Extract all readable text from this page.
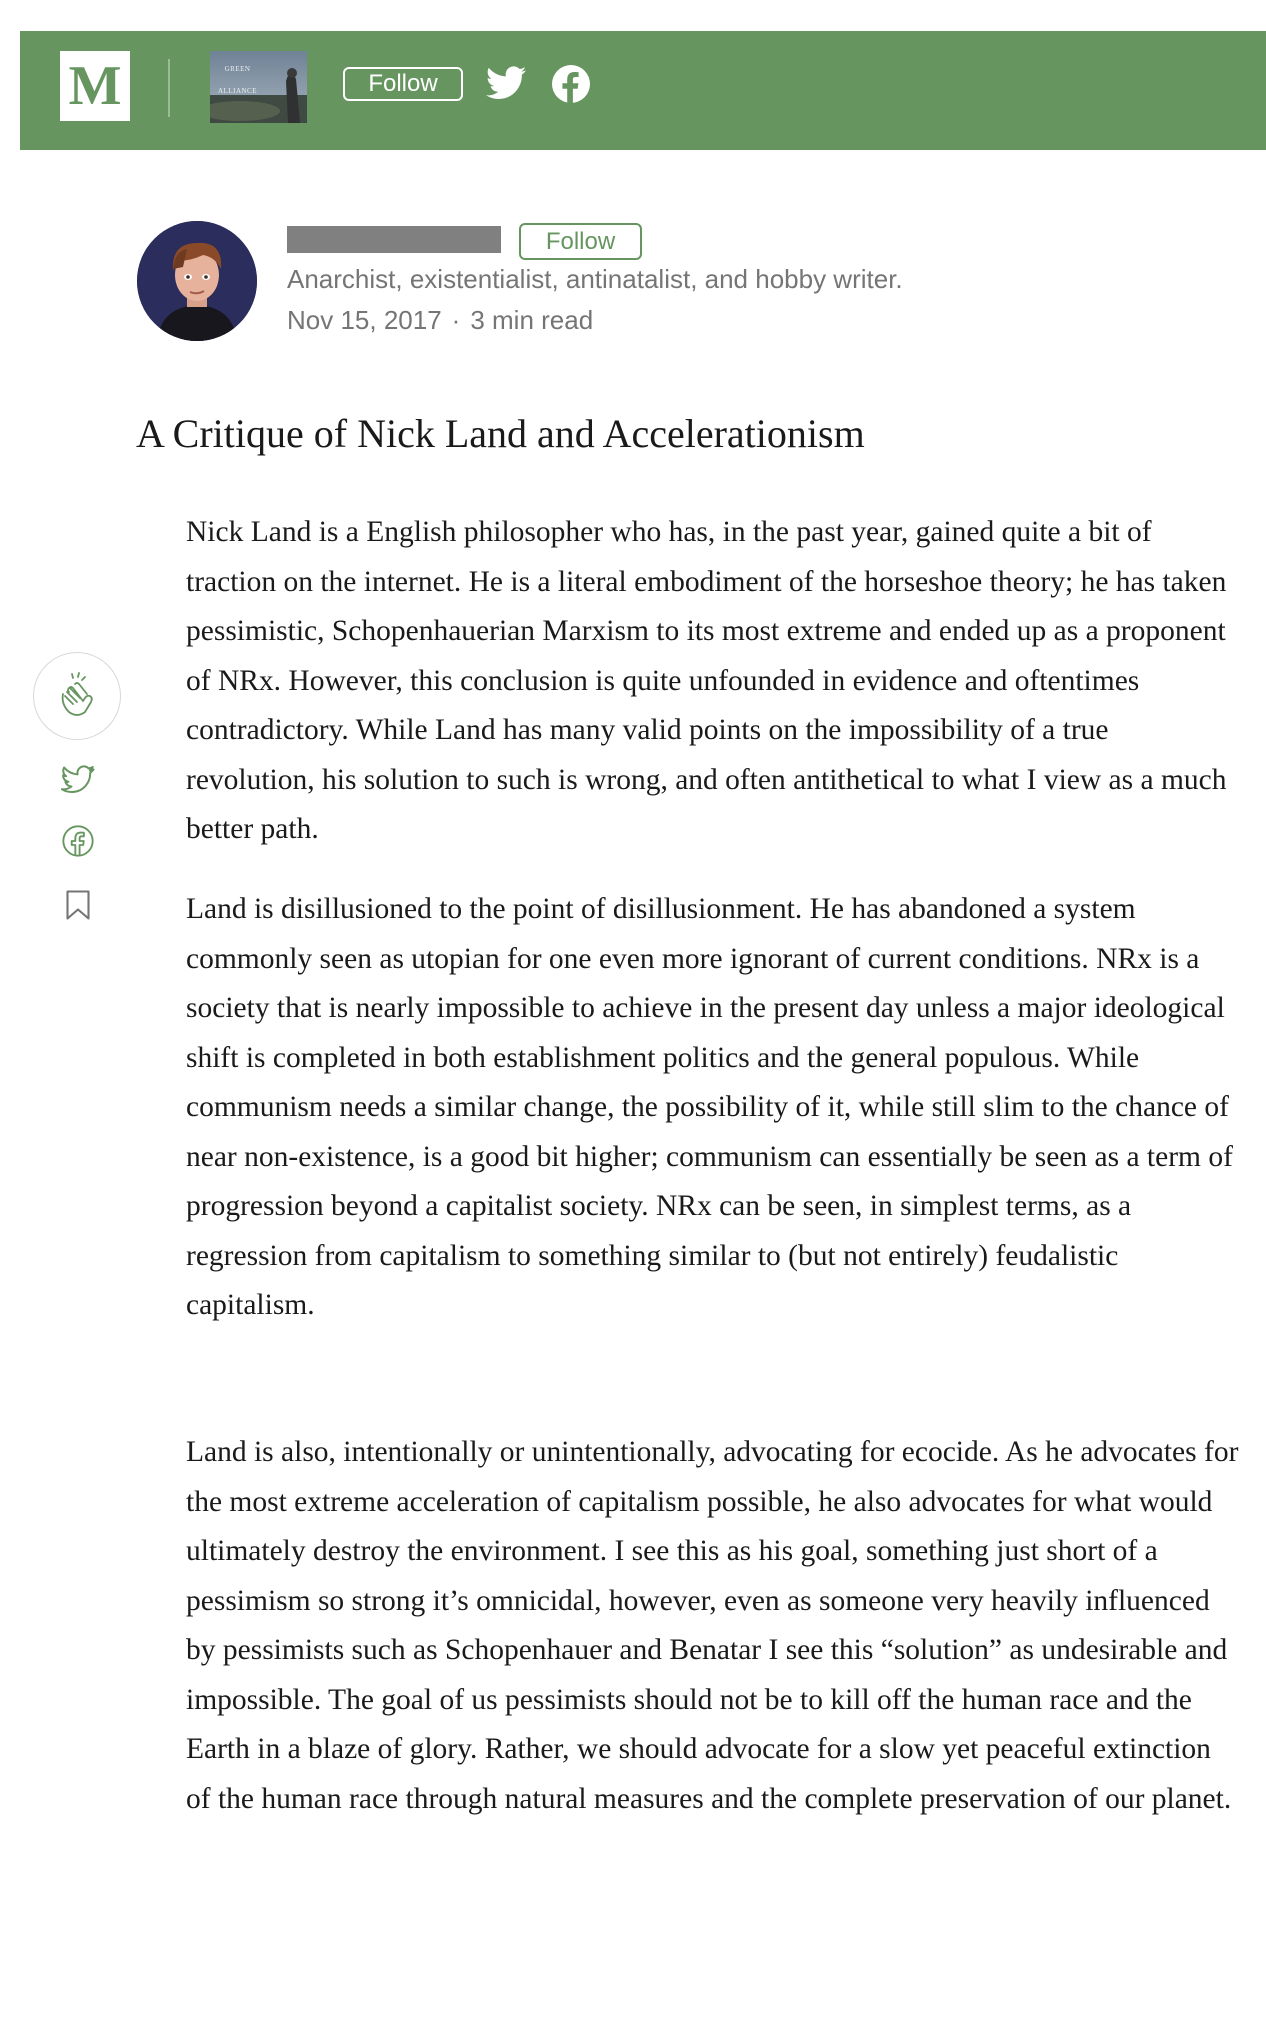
M	GREEN
ALLIANCE	Follow
Follow
Anarchist, existentialist, antinatalist, and hobby writer.
Nov 15, 2017 · 3 min read
A Critique of Nick Land and Accelerationism

Nick Land is a English philosopher who has, in the past year, gained quite a bit of traction on the internet. He is a literal embodiment of the horseshoe theory; he has taken pessimistic, Schopenhauerian Marxism to its most extreme and ended up as a proponent of NRx. However, this conclusion is quite unfounded in evidence and oftentimes contradictory. While Land has many valid points on the impossibility of a true revolution, his solution to such is wrong, and often antithetical to what I view as a much better path.

Land is disillusioned to the point of disillusionment. He has abandoned a system commonly seen as utopian for one even more ignorant of current conditions. NRx is a society that is nearly impossible to achieve in the present day unless a major ideological shift is completed in both establishment politics and the general populous. While communism needs a similar change, the possibility of it, while still slim to the chance of near non-existence, is a good bit higher; communism can essentially be seen as a term of progression beyond a capitalist society. NRx can be seen, in simplest terms, as a regression from capitalism to something similar to (but not entirely) feudalistic capitalism.

Land is also, intentionally or unintentionally, advocating for ecocide. As he advocates for the most extreme acceleration of capitalism possible, he also advocates for what would ultimately destroy the environment. I see this as his goal, something just short of a pessimism so strong it’s omnicidal, however, even as someone very heavily influenced by pessimists such as Schopenhauer and Benatar I see this “solution” as undesirable and impossible. The goal of us pessimists should not be to kill off the human race and the Earth in a blaze of glory. Rather, we should advocate for a slow yet peaceful extinction of the human race through natural measures and the complete preservation of our planet.
